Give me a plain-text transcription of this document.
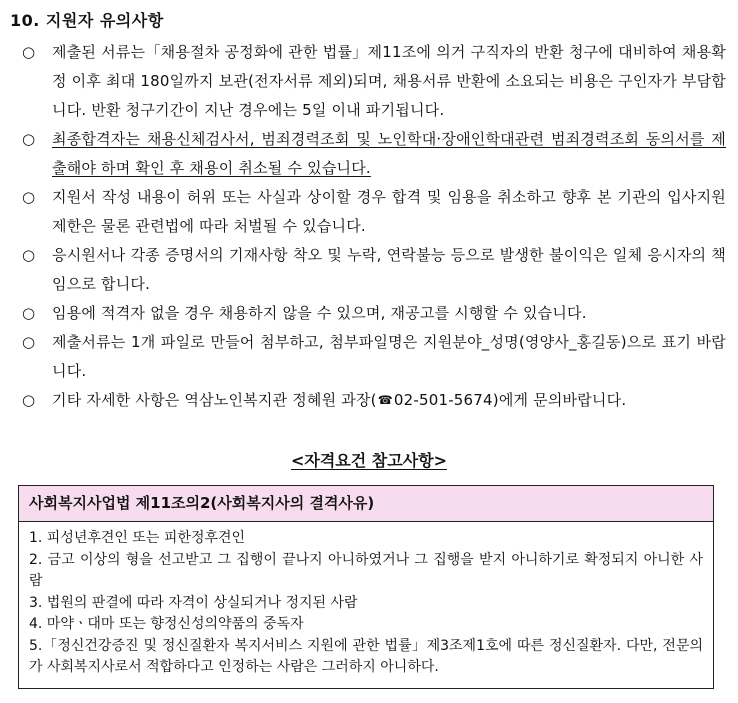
10. 지원자 유의사항
○ 제출된 서류는「채용절차 공정화에 관한 법률」제11조에 의거 구직자의 반환 청구에 대비하여 채용확정 이후 최대 180일까지 보관(전자서류 제외)되며, 채용서류 반환에 소요되는 비용은 구인자가 부담합니다. 반환 청구기간이 지난 경우에는 5일 이내 파기됩니다.
○ 최종합격자는 채용신체검사서, 범죄경력조회 및 노인학대·장애인학대관련 범죄경력조회 동의서를 제출해야 하며 확인 후 채용이 취소될 수 있습니다.
○ 지원서 작성 내용이 허위 또는 사실과 상이할 경우 합격 및 임용을 취소하고 향후 본 기관의 입사지원 제한은 물론 관련법에 따라 처벌될 수 있습니다.
○ 응시원서나 각종 증명서의 기재사항 착오 및 누락, 연락불능 등으로 발생한 불이익은 일체 응시자의 책임으로 합니다.
○ 임용에 적격자 없을 경우 채용하지 않을 수 있으며, 재공고를 시행할 수 있습니다.
○ 제출서류는 1개 파일로 만들어 첨부하고, 첨부파일명은 지원분야_성명(영양사_홍길동)으로 표기 바랍니다.
○ 기타 자세한 사항은 역삼노인복지관 정혜원 과장(☎02-501-5674)에게 문의바랍니다.
<자격요건 참고사항>
사회복지사업법 제11조의2(사회복지사의 결격사유)
1. 피성년후견인 또는 피한정후견인
2. 금고 이상의 형을 선고받고 그 집행이 끝나지 아니하였거나 그 집행을 받지 아니하기로 확정되지 아니한 사람
3. 법원의 판결에 따라 자격이 상실되거나 정지된 사람
4. 마약ㆍ대마 또는 향정신성의약품의 중독자
5.「정신건강증진 및 정신질환자 복지서비스 지원에 관한 법률」제3조제1호에 따른 정신질환자. 다만, 전문의가 사회복지사로서 적합하다고 인정하는 사람은 그러하지 아니하다.
